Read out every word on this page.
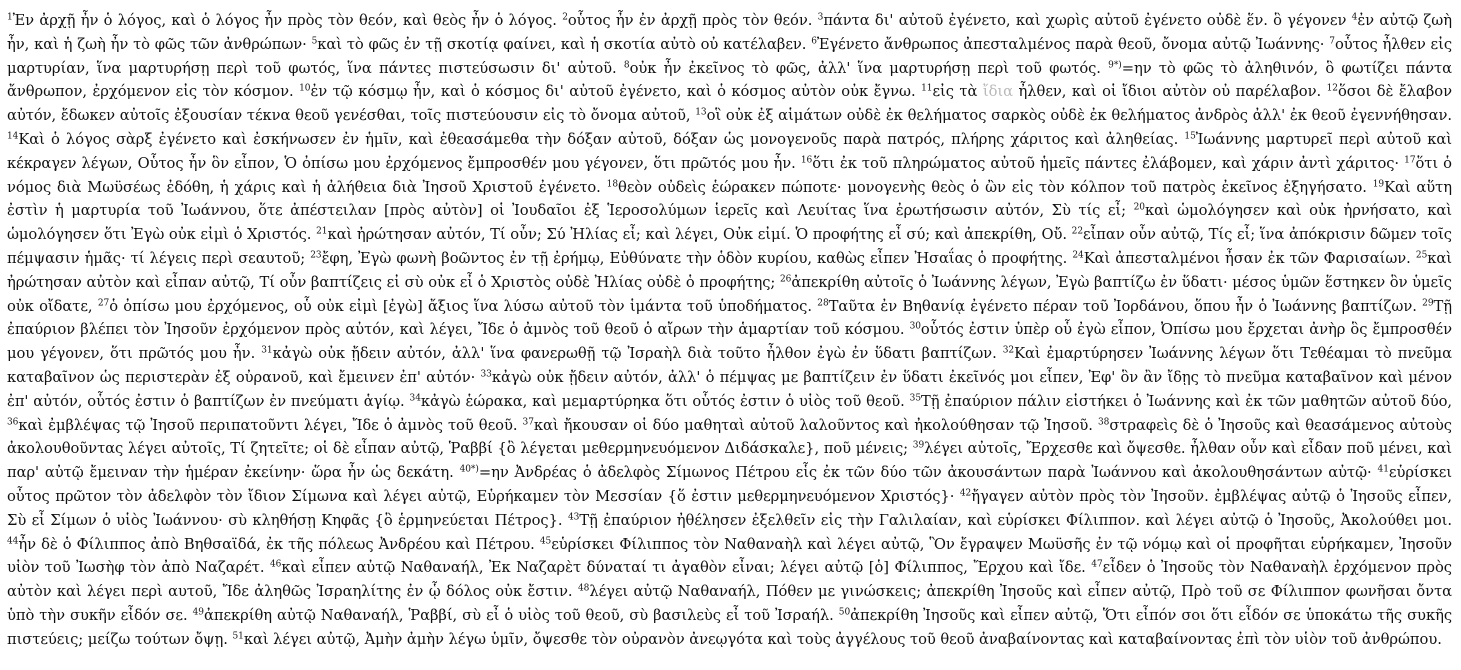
$^1$Ἐν ἀρχῇ ἦν ὁ λόγος, καὶ ὁ λόγος ἦν πρὸς τὸν θεόν, καὶ θεὸς ἦν ὁ λόγος. $^2$οὗτος ἦν ἐν ἀρχῇ πρὸς τὸν θεόν. $^3$πάντα δι' αὐτοῦ ἐγένετο, καὶ χωρὶς αὐτοῦ ἐγένετο οὐδὲ ἕν. ὃ γέγονεν $^4$ἐν αὐτῷ ζωὴ ἦν, καὶ ἡ ζωὴ ἦν τὸ φῶς τῶν ἀνθρώπων· $^5$καὶ τὸ φῶς ἐν τῇ σκοτίᾳ φαίνει, καὶ ἡ σκοτία αὐτὸ οὐ κατέλαβεν. $^6$Ἐγένετο ἄνθρωπος ἀπεσταλμένος παρὰ θεοῦ, ὄνομα αὐτῷ Ἰωάννης· $^7$οὗτος ἦλθεν εἰς μαρτυρίαν, ἵνα μαρτυρήσῃ περὶ τοῦ φωτός, ἵνα πάντες πιστεύσωσιν δι' αὐτοῦ. $^8$οὐκ ἦν ἐκεῖνος τὸ φῶς, ἀλλ' ἵνα μαρτυρήσῃ περὶ τοῦ φωτός. $^{9*)}$=ην τὸ φῶς τὸ ἀληθινόν, ὃ φωτίζει πάντα ἄνθρωπον, ἐρχόμενον εἰς τὸν κόσμον. $^{10}$ἐν τῷ κόσμῳ ἦν, καὶ ὁ κόσμος δι' αὐτοῦ ἐγένετο, καὶ ὁ κόσμος αὐτὸν οὐκ ἔγνω. $^{11}$εἰς τὰ ἴδια ἦλθεν, καὶ οἱ ἴδιοι αὐτὸν οὐ παρέλαβον. $^{12}$ὅσοι δὲ ἔλαβον αὐτόν, ἔδωκεν αὐτοῖς ἐξουσίαν τέκνα θεοῦ γενέσθαι, τοῖς πιστεύουσιν εἰς τὸ ὄνομα αὐτοῦ, $^{13}$οἳ οὐκ ἐξ αἱμάτων οὐδὲ ἐκ θελήματος σαρκὸς οὐδὲ ἐκ θελήματος ἀνδρὸς ἀλλ' ἐκ θεοῦ ἐγεννήθησαν. $^{14}$Καὶ ὁ λόγος σὰρξ ἐγένετο καὶ ἐσκήνωσεν ἐν ἡμῖν, καὶ ἐθεασάμεθα τὴν δόξαν αὐτοῦ, δόξαν ὡς μονογενοῦς παρὰ πατρός, πλήρης χάριτος καὶ ἀληθείας. $^{15}$Ἰωάννης μαρτυρεῖ περὶ αὐτοῦ καὶ κέκραγεν λέγων, Οὗτος ἦν ὃν εἶπον, Ὁ ὀπίσω μου ἐρχόμενος ἔμπροσθέν μου γέγονεν, ὅτι πρῶτός μου ἦν. $^{16}$ὅτι ἐκ τοῦ πληρώματος αὐτοῦ ἡμεῖς πάντες ἐλάβομεν, καὶ χάριν ἀντὶ χάριτος· $^{17}$ὅτι ὁ νόμος διὰ Μωϋσέως ἐδόθη, ἡ χάρις καὶ ἡ ἀλήθεια διὰ Ἰησοῦ Χριστοῦ ἐγένετο. $^{18}$θεὸν οὐδεὶς ἑώρακεν πώποτε· μονογενὴς θεὸς ὁ ὢν εἰς τὸν κόλπον τοῦ πατρὸς ἐκεῖνος ἐξηγήσατο. $^{19}$Καὶ αὕτη ἐστὶν ἡ μαρτυρία τοῦ Ἰωάννου, ὅτε ἀπέστειλαν [πρὸς αὐτὸν] οἱ Ἰουδαῖοι ἐξ Ἱεροσολύμων ἱερεῖς καὶ Λευίτας ἵνα ἐρωτήσωσιν αὐτόν, Σὺ τίς εἶ; $^{20}$καὶ ὡμολόγησεν καὶ οὐκ ἠρνήσατο, καὶ ὡμολόγησεν ὅτι Ἐγὼ οὐκ εἰμὶ ὁ Χριστός. $^{21}$καὶ ἠρώτησαν αὐτόν, Τί οὖν; Σύ Ἠλίας εἶ; καὶ λέγει, Οὐκ εἰμί. Ὁ προφήτης εἶ σύ; καὶ ἀπεκρίθη, Οὔ. $^{22}$εἶπαν οὖν αὐτῷ, Τίς εἶ; ἵνα ἀπόκρισιν δῶμεν τοῖς πέμψασιν ἡμᾶς· τί λέγεις περὶ σεαυτοῦ; $^{23}$ἔφη, Ἐγὼ φωνὴ βοῶντος ἐν τῇ ἐρήμῳ, Εὐθύνατε τὴν ὁδὸν κυρίου, καθὼς εἶπεν Ἠσαΐας ὁ προφήτης. $^{24}$Καὶ ἀπεσταλμένοι ἦσαν ἐκ τῶν Φαρισαίων. $^{25}$καὶ ἠρώτησαν αὐτὸν καὶ εἶπαν αὐτῷ, Τί οὖν βαπτίζεις εἰ σὺ οὐκ εἶ ὁ Χριστὸς οὐδὲ Ἠλίας οὐδὲ ὁ προφήτης; $^{26}$ἀπεκρίθη αὐτοῖς ὁ Ἰωάννης λέγων, Ἐγὼ βαπτίζω ἐν ὕδατι· μέσος ὑμῶν ἕστηκεν ὃν ὑμεῖς οὐκ οἴδατε, $^{27}$ὁ ὀπίσω μου ἐρχόμενος, οὗ οὐκ εἰμὶ [ἐγὼ] ἄξιος ἵνα λύσω αὐτοῦ τὸν ἱμάντα τοῦ ὑποδήματος. $^{28}$Ταῦτα ἐν Βηθανίᾳ ἐγένετο πέραν τοῦ Ἰορδάνου, ὅπου ἦν ὁ Ἰωάννης βαπτίζων. $^{29}$Τῇ ἐπαύριον βλέπει τὸν Ἰησοῦν ἐρχόμενον πρὸς αὐτόν, καὶ λέγει, Ἴδε ὁ ἀμνὸς τοῦ θεοῦ ὁ αἴρων τὴν ἁμαρτίαν τοῦ κόσμου. $^{30}$οὗτός ἐστιν ὑπὲρ οὗ ἐγὼ εἶπον, Ὀπίσω μου ἔρχεται ἀνὴρ ὃς ἔμπροσθέν μου γέγονεν, ὅτι πρῶτός μου ἦν. $^{31}$κἀγὼ οὐκ ᾔδειν αὐτόν, ἀλλ' ἵνα φανερωθῇ τῷ Ἰσραὴλ διὰ τοῦτο ἦλθον ἐγὼ ἐν ὕδατι βαπτίζων. $^{32}$Καὶ ἐμαρτύρησεν Ἰωάννης λέγων ὅτι Τεθέαμαι τὸ πνεῦμα καταβαῖνον ὡς περιστερὰν ἐξ οὐρανοῦ, καὶ ἔμεινεν ἐπ' αὐτόν· $^{33}$κἀγὼ οὐκ ᾔδειν αὐτόν, ἀλλ' ὁ πέμψας με βαπτίζειν ἐν ὕδατι ἐκεῖνός μοι εἶπεν, Ἐφ' ὃν ἂν ἴδῃς τὸ πνεῦμα καταβαῖνον καὶ μένον ἐπ' αὐτόν, οὗτός ἐστιν ὁ βαπτίζων ἐν πνεύματι ἁγίῳ. $^{34}$κἀγὼ ἑώρακα, καὶ μεμαρτύρηκα ὅτι οὗτός ἐστιν ὁ υἱὸς τοῦ θεοῦ. $^{35}$Τῇ ἐπαύριον πάλιν εἱστήκει ὁ Ἰωάννης καὶ ἐκ τῶν μαθητῶν αὐτοῦ δύο, $^{36}$καὶ ἐμβλέψας τῷ Ἰησοῦ περιπατοῦντι λέγει, Ἴδε ὁ ἀμνὸς τοῦ θεοῦ. $^{37}$καὶ ἤκουσαν οἱ δύο μαθηταὶ αὐτοῦ λαλοῦντος καὶ ἠκολούθησαν τῷ Ἰησοῦ. $^{38}$στραφεὶς δὲ ὁ Ἰησοῦς καὶ θεασάμενος αὐτοὺς ἀκολουθοῦντας λέγει αὐτοῖς, Τί ζητεῖτε; οἱ δὲ εἶπαν αὐτῷ, Ῥαββί {ὃ λέγεται μεθερμηνευόμενον Διδάσκαλε}, ποῦ μένεις; $^{39}$λέγει αὐτοῖς, Ἔρχεσθε καὶ ὄψεσθε. ἦλθαν οὖν καὶ εἶδαν ποῦ μένει, καὶ παρ' αὐτῷ ἔμειναν τὴν ἡμέραν ἐκείνην· ὥρα ἦν ὡς δεκάτη. $^{40*)}$=ην Ἀνδρέας ὁ ἀδελφὸς Σίμωνος Πέτρου εἷς ἐκ τῶν δύο τῶν ἀκουσάντων παρὰ Ἰωάννου καὶ ἀκολουθησάντων αὐτῷ· $^{41}$εὑρίσκει οὗτος πρῶτον τὸν ἀδελφὸν τὸν ἴδιον Σίμωνα καὶ λέγει αὐτῷ, Εὑρήκαμεν τὸν Μεσσίαν {ὅ ἐστιν μεθερμηνευόμενον Χριστός}· $^{42}$ἤγαγεν αὐτὸν πρὸς τὸν Ἰησοῦν. ἐμβλέψας αὐτῷ ὁ Ἰησοῦς εἶπεν, Σὺ εἶ Σίμων ὁ υἱὸς Ἰωάννου· σὺ κληθήσῃ Κηφᾶς {ὃ ἑρμηνεύεται Πέτρος}. $^{43}$Τῇ ἐπαύριον ἠθέλησεν ἐξελθεῖν εἰς τὴν Γαλιλαίαν, καὶ εὑρίσκει Φίλιππον. καὶ λέγει αὐτῷ ὁ Ἰησοῦς, Ἀκολούθει μοι. $^{44}$ἦν δὲ ὁ Φίλιππος ἀπὸ Βηθσαϊδά, ἐκ τῆς πόλεως Ἀνδρέου καὶ Πέτρου. $^{45}$εὑρίσκει Φίλιππος τὸν Ναθαναὴλ καὶ λέγει αὐτῷ, Ὃν ἔγραψεν Μωϋσῆς ἐν τῷ νόμῳ καὶ οἱ προφῆται εὑρήκαμεν, Ἰησοῦν υἱὸν τοῦ Ἰωσὴφ τὸν ἀπὸ Ναζαρέτ. $^{46}$καὶ εἶπεν αὐτῷ Ναθαναήλ, Ἐκ Ναζαρὲτ δύναταί τι ἀγαθὸν εἶναι; λέγει αὐτῷ [ὁ] Φίλιππος, Ἔρχου καὶ ἴδε. $^{47}$εἶδεν ὁ Ἰησοῦς τὸν Ναθαναὴλ ἐρχόμενον πρὸς αὐτὸν καὶ λέγει περὶ αυτοῦ, Ἴδε ἀληθῶς Ἰσραηλίτης ἐν ᾧ δόλος οὐκ ἔστιν. $^{48}$λέγει αὐτῷ Ναθαναήλ, Πόθεν με γινώσκεις; ἀπεκρίθη Ἰησοῦς καὶ εἶπεν αὐτῷ, Πρὸ τοῦ σε Φίλιππον φωνῆσαι ὄντα ὑπὸ τὴν συκῆν εἶδόν σε. $^{49}$ἀπεκρίθη αὐτῷ Ναθαναήλ, Ῥαββί, σὺ εἶ ὁ υἱὸς τοῦ θεοῦ, σὺ βασιλεὺς εἶ τοῦ Ἰσραήλ. $^{50}$ἀπεκρίθη Ἰησοῦς καὶ εἶπεν αὐτῷ, Ὅτι εἶπόν σοι ὅτι εἶδόν σε ὑποκάτω τῆς συκῆς πιστεύεις; μείζω τούτων ὄψῃ. $^{51}$καὶ λέγει αὐτῷ, Ἀμὴν ἀμὴν λέγω ὑμῖν, ὄψεσθε τὸν οὐρανὸν ἀνεῳγότα καὶ τοὺς ἀγγέλους τοῦ θεοῦ ἀναβαίνοντας καὶ καταβαίνοντας ἐπὶ τὸν υἱὸν τοῦ ἀνθρώπου.
